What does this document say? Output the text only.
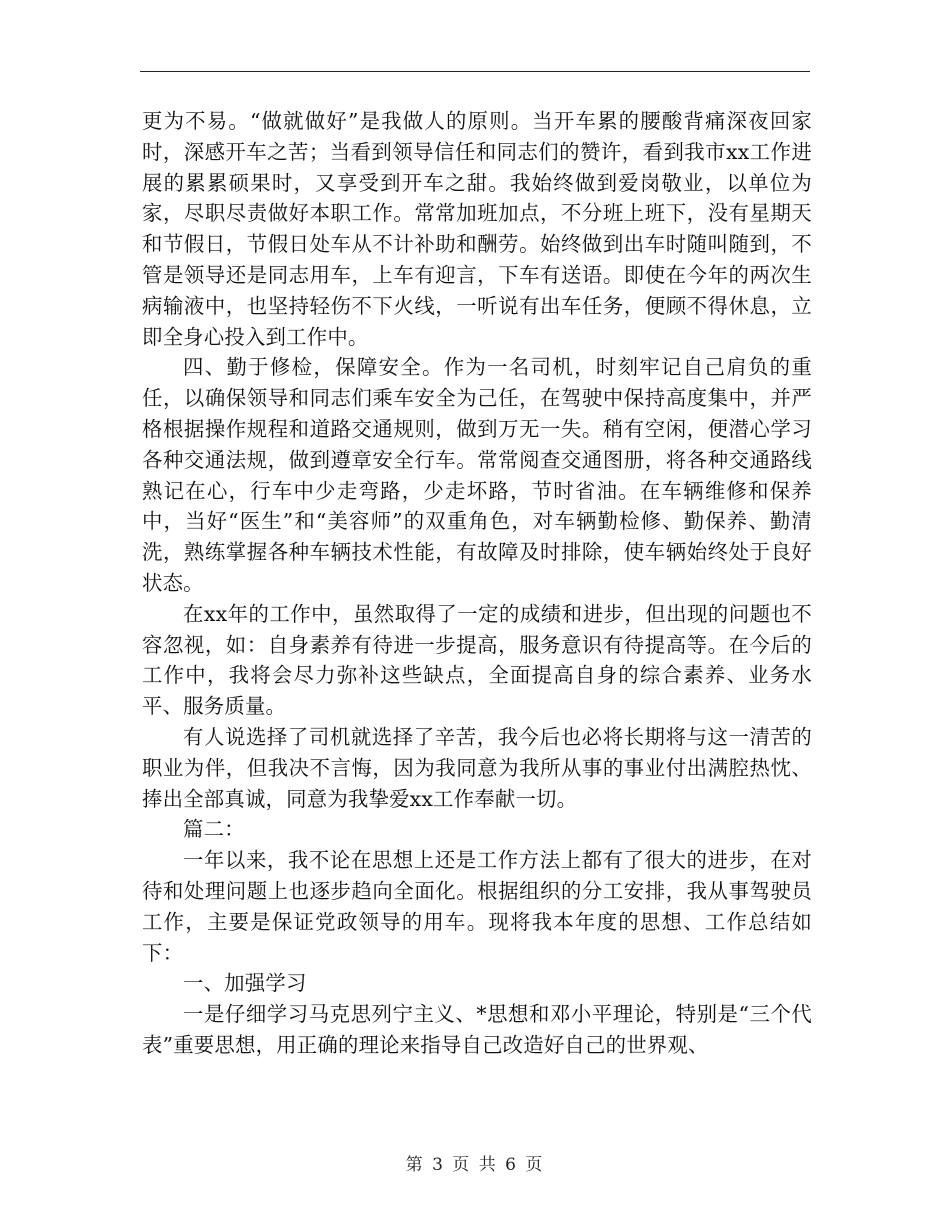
更为不易。“做就做好”是我做人的原则。当开车累的腰酸背痛深夜回家时，深感开车之苦；当看到领导信任和同志们的赞许，看到我市xx工作进展的累累硕果时，又享受到开车之甜。我始终做到爱岗敬业，以单位为家，尽职尽责做好本职工作。常常加班加点，不分班上班下，没有星期天和节假日，节假日处车从不计补助和酬劳。始终做到出车时随叫随到，不管是领导还是同志用车，上车有迎言，下车有送语。即使在今年的两次生病输液中，也坚持轻伤不下火线，一听说有出车任务，便顾不得休息，立即全身心投入到工作中。

四、勤于修检，保障安全。作为一名司机，时刻牢记自己肩负的重任，以确保领导和同志们乘车安全为己任，在驾驶中保持高度集中，并严格根据操作规程和道路交通规则，做到万无一失。稍有空闲，便潜心学习各种交通法规，做到遵章安全行车。常常阅查交通图册，将各种交通路线熟记在心，行车中少走弯路，少走坏路，节时省油。在车辆维修和保养中，当好“医生”和“美容师”的双重角色，对车辆勤检修、勤保养、勤清洗，熟练掌握各种车辆技术性能，有故障及时排除，使车辆始终处于良好状态。

在xx年的工作中，虽然取得了一定的成绩和进步，但出现的问题也不容忽视，如：自身素养有待进一步提高，服务意识有待提高等。在今后的工作中，我将会尽力弥补这些缺点，全面提高自身的综合素养、业务水平、服务质量。

有人说选择了司机就选择了辛苦，我今后也必将长期将与这一清苦的职业为伴，但我决不言悔，因为我同意为我所从事的事业付出满腔热忱、捧出全部真诚，同意为我挚爱xx工作奉献一切。

篇二：

一年以来，我不论在思想上还是工作方法上都有了很大的进步，在对待和处理问题上也逐步趋向全面化。根据组织的分工安排，我从事驾驶员工作，主要是保证党政领导的用车。现将我本年度的思想、工作总结如下：

一、加强学习

一是仔细学习马克思列宁主义、*思想和邓小平理论，特别是“三个代表”重要思想，用正确的理论来指导自己改造好自己的世界观、

第 3 页 共 6 页
